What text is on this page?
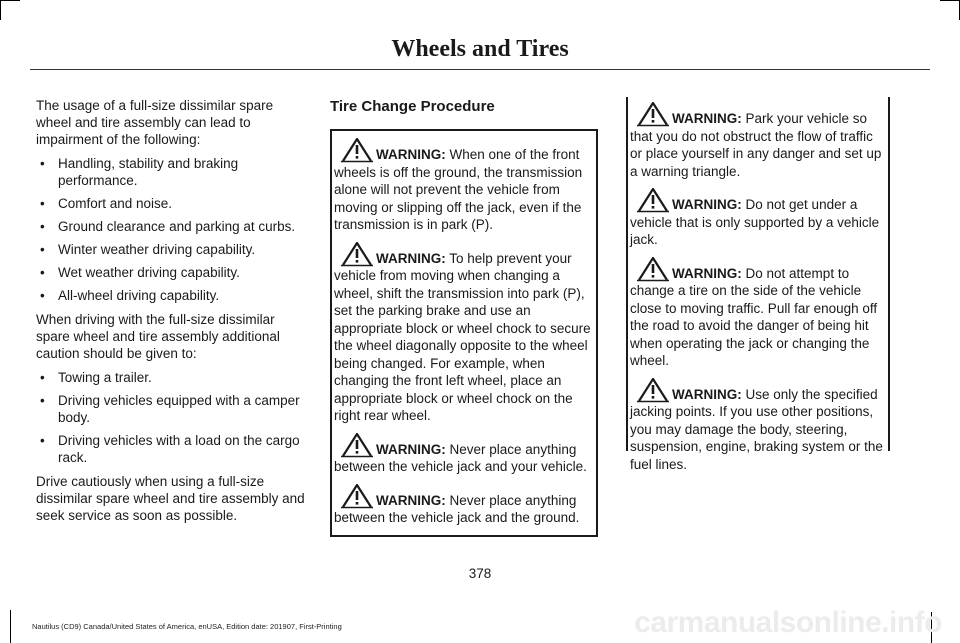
Wheels and Tires

The usage of a full-size dissimilar spare wheel and tire assembly can lead to impairment of the following:

• Handling, stability and braking performance.
• Comfort and noise.
• Ground clearance and parking at curbs.
• Winter weather driving capability.
• Wet weather driving capability.
• All-wheel driving capability.

When driving with the full-size dissimilar spare wheel and tire assembly additional caution should be given to:

• Towing a trailer.
• Driving vehicles equipped with a camper body.
• Driving vehicles with a load on the cargo rack.

Drive cautiously when using a full-size dissimilar spare wheel and tire assembly and seek service as soon as possible.

Tire Change Procedure

WARNING: When one of the front wheels is off the ground, the transmission alone will not prevent the vehicle from moving or slipping off the jack, even if the transmission is in park (P).

WARNING: To help prevent your vehicle from moving when changing a wheel, shift the transmission into park (P), set the parking brake and use an appropriate block or wheel chock to secure the wheel diagonally opposite to the wheel being changed. For example, when changing the front left wheel, place an appropriate block or wheel chock on the right rear wheel.

WARNING: Never place anything between the vehicle jack and your vehicle.

WARNING: Never place anything between the vehicle jack and the ground.

WARNING: Park your vehicle so that you do not obstruct the flow of traffic or place yourself in any danger and set up a warning triangle.

WARNING: Do not get under a vehicle that is only supported by a vehicle jack.

WARNING: Do not attempt to change a tire on the side of the vehicle close to moving traffic. Pull far enough off the road to avoid the danger of being hit when operating the jack or changing the wheel.

WARNING: Use only the specified jacking points. If you use other positions, you may damage the body, steering, suspension, engine, braking system or the fuel lines.

378
Nautilus (CD9) Canada/United States of America, enUSA, Edition date: 201907, First-Printing	carmanualsonline.info
